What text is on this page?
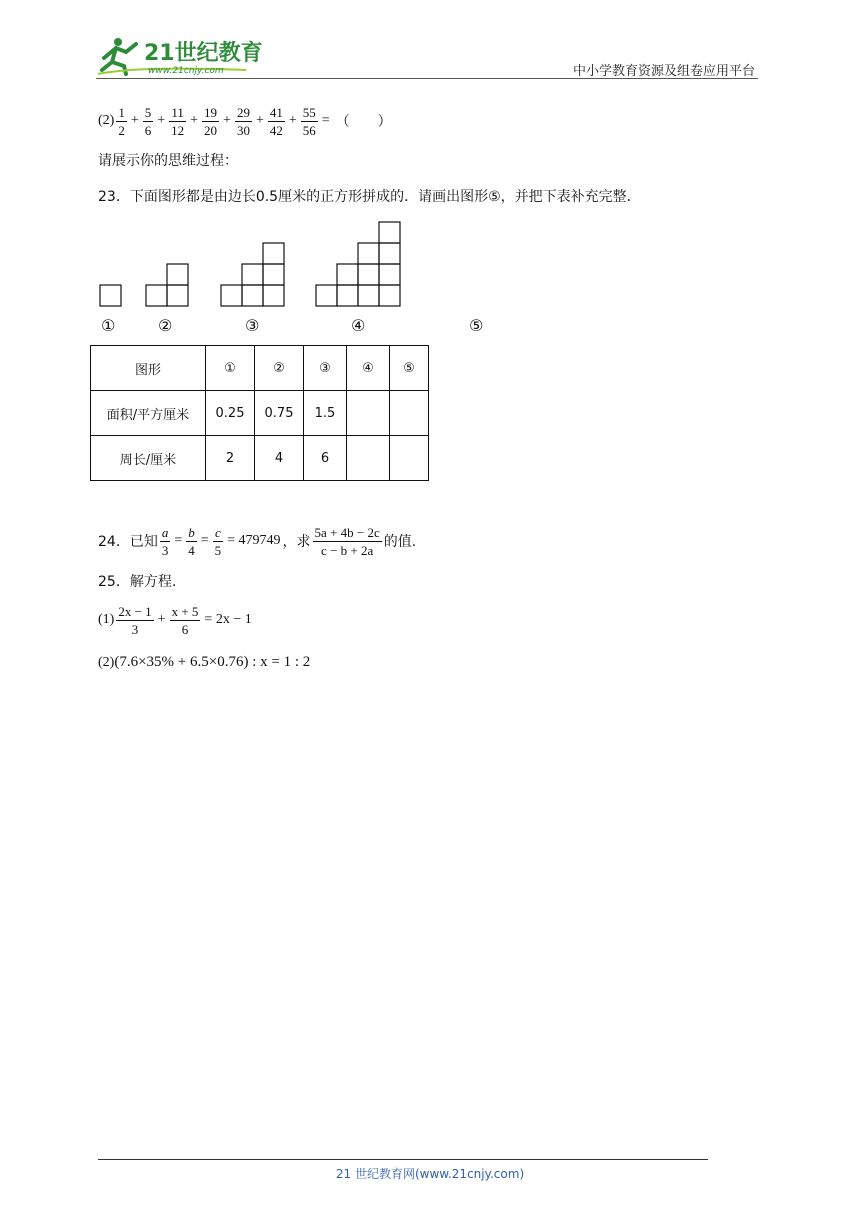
21世纪教育
www.21cnjy.com	中小学教育资源及组卷应用平台
$(2) \frac{1}{2} + \frac{5}{6} + \frac{11}{12} + \frac{19}{20} + \frac{29}{30} + \frac{41}{42} + \frac{55}{56}$ = （　　）
请展示你的思维过程：
23．下面图形都是由边长0.5厘米的正方形拼成的．请画出图形⑤，并把下表补充完整．
①	②	③	④	⑤
图形	①	②	③	④	⑤
面积/平方厘米	0.25	0.75	1.5		
周长/厘米	2	4	6		
24．已知 $\frac{a}{3} = \frac{b}{4} = \frac{c}{5} = 479749$ ，求 $\frac{5a + 4b - 2c}{c - b + 2a}$ 的值.
25．解方程.
$(1) \frac{2x - 1}{3} + \frac{x + 5}{6} = 2x - 1$
(2) (7.6×35% + 6.5×0.76) : x = 1 : 2
21 世纪教育网(www.21cnjy.com)
